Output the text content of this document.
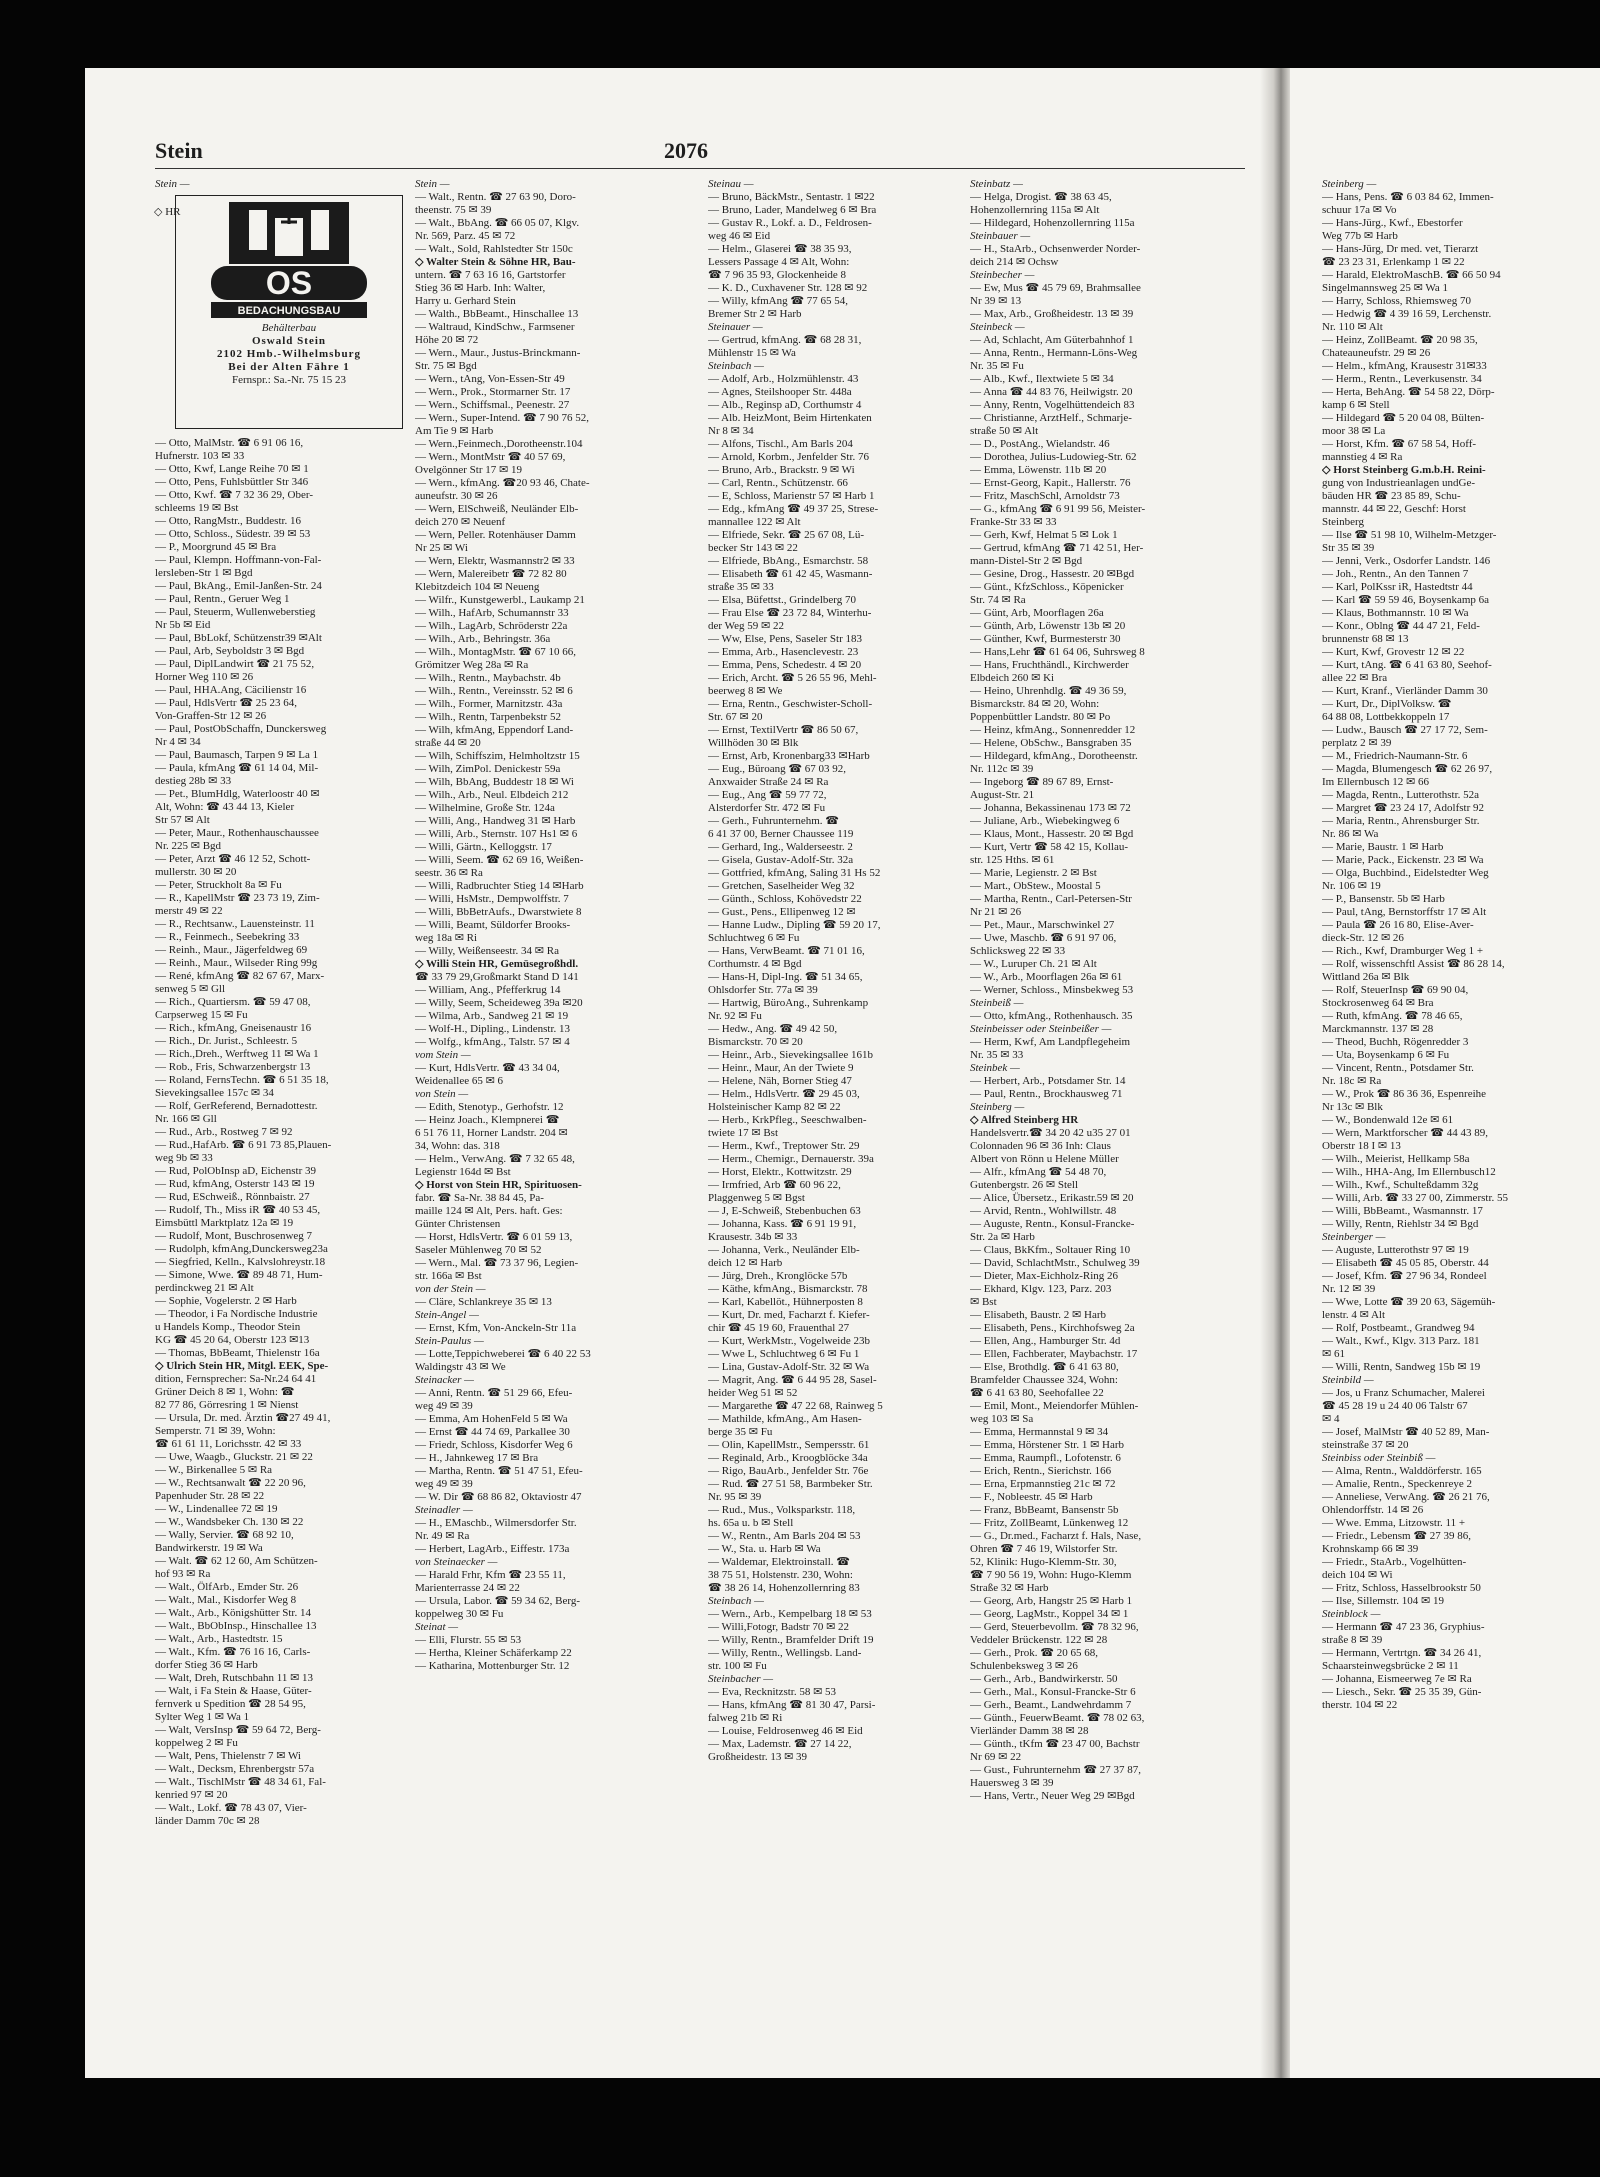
Stein	2076
Stein —
◇ HR
OS
BEDACHUNGSBAU
Behälterbau
Oswald Stein
2102 Hmb.-Wilhelmsburg
Bei der Alten Fähre 1
Fernspr.: Sa.-Nr. 75 15 23
— Otto, MalMstr. ☎ 6 91 06 16,
Hufnerstr. 103 ✉ 33
— Otto, Kwf, Lange Reihe 70 ✉ 1
— Otto, Pens, Fuhlsbüttler Str 346
— Otto, Kwf. ☎ 7 32 36 29, Ober-
schleems 19 ✉ Bst
— Otto, RangMstr., Buddestr. 16
— Otto, Schloss., Südestr. 39 ✉ 53
— P., Moorgrund 45 ✉ Bra
— Paul, Klempn. Hoffmann-von-Fal-
lersleben-Str 1 ✉ Bgd
— Paul, BkAng., Emil-Janßen-Str. 24
— Paul, Rentn., Geruer Weg 1
— Paul, Steuerm, Wullenweberstieg
Nr 5b ✉ Eid
— Paul, BbLokf, Schützenstr39 ✉Alt
— Paul, Arb, Seyboldstr 3 ✉ Bgd
— Paul, DiplLandwirt ☎ 21 75 52,
Horner Weg 110 ✉ 26
— Paul, HHA.Ang, Cäcilienstr 16
— Paul, HdlsVertr ☎ 25 23 64,
Von-Graffen-Str 12 ✉ 26
— Paul, PostObSchaffn, Dunckersweg
Nr 4 ✉ 34
— Paul, Baumasch, Tarpen 9 ✉ La 1
— Paula, kfmAng ☎ 61 14 04, Mil-
destieg 28b ✉ 33
— Pet., BlumHdlg, Waterloostr 40 ✉
Alt, Wohn: ☎ 43 44 13, Kieler
Str 57 ✉ Alt
— Peter, Maur., Rothenhauschaussee
Nr. 225 ✉ Bgd
— Peter, Arzt ☎ 46 12 52, Schott-
mullerstr. 30 ✉ 20
— Peter, Struckholt 8a ✉ Fu
— R., KapellMstr ☎ 23 73 19, Zim-
merstr 49 ✉ 22
— R., Rechtsanw., Lauensteinstr. 11
— R., Feinmech., Seebekring 33
— Reinh., Maur., Jägerfeldweg 69
— Reinh., Maur., Wilseder Ring 99g
— René, kfmAng ☎ 82 67 67, Marx-
senweg 5 ✉ Gll
— Rich., Quartiersm. ☎ 59 47 08,
Carpserweg 15 ✉ Fu
— Rich., kfmAng, Gneisenaustr 16
— Rich., Dr. Jurist., Schleestr. 5
— Rich.,Dreh., Werftweg 11 ✉ Wa 1
— Rob., Fris, Schwarzenbergstr 13
— Roland, FernsTechn. ☎ 6 51 35 18,
Sievekingsallee 157c ✉ 34
— Rolf, GerReferend, Bernadottestr.
Nr. 166 ✉ Gll
— Rud., Arb., Rostweg 7 ✉ 92
— Rud.,HafArb. ☎ 6 91 73 85,Plauen-
weg 9b ✉ 33
— Rud, PolObInsp aD, Eichenstr 39
— Rud, kfmAng, Osterstr 143 ✉ 19
— Rud, ESchweiß., Rönnbaistr. 27
— Rudolf, Th., Miss iR ☎ 40 53 45,
Eimsbüttl Marktplatz 12a ✉ 19
— Rudolf, Mont, Buschrosenweg 7
— Rudolph, kfmAng,Dunckersweg23a
— Siegfried, Kelln., Kalvslohreystr.18
— Simone, Wwe. ☎ 89 48 71, Hum-
perdinckweg 21 ✉ Alt
— Sophie, Vogelerstr. 2 ✉ Harb
— Theodor, i Fa Nordische Industrie
u Handels Komp., Theodor Stein
KG ☎ 45 20 64, Oberstr 123 ✉13
— Thomas, BbBeamt, Thielenstr 16a
◇ Ulrich Stein HR, Mitgl. EEK, Spe-
dition, Fernsprecher: Sa-Nr.24 64 41
Grüner Deich 8 ✉ 1, Wohn: ☎
82 77 86, Görresring 1 ✉ Nienst
— Ursula, Dr. med. Ärztin ☎27 49 41,
Semperstr. 71 ✉ 39, Wohn:
☎ 61 61 11, Lorichsstr. 42 ✉ 33
— Uwe, Waagb., Gluckstr. 21 ✉ 22
— W., Birkenallee 5 ✉ Ra
— W., Rechtsanwalt ☎ 22 20 96,
Papenhuder Str. 28 ✉ 22
— W., Lindenallee 72 ✉ 19
— W., Wandsbeker Ch. 130 ✉ 22
— Wally, Servier. ☎ 68 92 10,
Bandwirkerstr. 19 ✉ Wa
— Walt. ☎ 62 12 60, Am Schützen-
hof 93 ✉ Ra
— Walt., ÖlfArb., Emder Str. 26
— Walt., Mal., Kisdorfer Weg 8
— Walt., Arb., Königshütter Str. 14
— Walt., BbObInsp., Hinschallee 13
— Walt., Arb., Hastedtstr. 15
— Walt., Kfm. ☎ 76 16 16, Carls-
dorfer Stieg 36 ✉ Harb
— Walt, Dreh, Rutschbahn 11 ✉ 13
— Walt, i Fa Stein & Haase, Güter-
fernverk u Spedition ☎ 28 54 95,
Sylter Weg 1 ✉ Wa 1
— Walt, VersInsp ☎ 59 64 72, Berg-
koppelweg 2 ✉ Fu
— Walt, Pens, Thielenstr 7 ✉ Wi
— Walt., Decksm, Ehrenbergstr 57a
— Walt., TischlMstr ☎ 48 34 61, Fal-
kenried 97 ✉ 20
— Walt., Lokf. ☎ 78 43 07, Vier-
länder Damm 70c ✉ 28
Stein —
— Walt., Rentn. ☎ 27 63 90, Doro-
theenstr. 75 ✉ 39
— Walt., BbAng. ☎ 66 05 07, Klgv.
Nr. 569, Parz. 45 ✉ 72
— Walt., Sold, Rahlstedter Str 150c
◇ Walter Stein & Söhne HR, Bau-
untern. ☎ 7 63 16 16, Gartstorfer
Stieg 36 ✉ Harb. Inh: Walter,
Harry u. Gerhard Stein
— Walth., BbBeamt., Hinschallee 13
— Waltraud, KindSchw., Farmsener
Höhe 20 ✉ 72
— Wern., Maur., Justus-Brinckmann-
Str. 75 ✉ Bgd
— Wern., tAng, Von-Essen-Str 49
— Wern., Prok., Stormarner Str. 17
— Wern., Schiffsmal., Peenestr. 27
— Wern., Super-Intend. ☎ 7 90 76 52,
Am Tie 9 ✉ Harb
— Wern.,Feinmech.,Dorotheenstr.104
— Wern., MontMstr ☎ 40 57 69,
Ovelgönner Str 17 ✉ 19
— Wern., kfmAng. ☎20 93 46, Chate-
auneufstr. 30 ✉ 26
— Wern, ElSchweiß, Neuländer Elb-
deich 270 ✉ Neuenf
— Wern, Peller. Rotenhäuser Damm
Nr 25 ✉ Wi
— Wern, Elektr, Wasmannstr2 ✉ 33
— Wern, Malereibetr ☎ 72 82 80
Klebitzdeich 104 ✉ Neueng
— Wilfr., Kunstgewerbl., Laukamp 21
— Wilh., HafArb, Schumannstr 33
— Wilh., LagArb, Schröderstr 22a
— Wilh., Arb., Behringstr. 36a
— Wilh., MontagMstr. ☎ 67 10 66,
Grömitzer Weg 28a ✉ Ra
— Wilh., Rentn., Maybachstr. 4b
— Wilh., Rentn., Vereinsstr. 52 ✉ 6
— Wilh., Former, Marnitzstr. 43a
— Wilh., Rentn, Tarpenbekstr 52
— Wilh, kfmAng, Eppendorf Land-
straße 44 ✉ 20
— Wilh, Schiffszim, Helmholtzstr 15
— Wilh, ZimPol. Denickestr 59a
— Wilh, BbAng, Buddestr 18 ✉ Wi
— Wilh., Arb., Neul. Elbdeich 212
— Wilhelmine, Große Str. 124a
— Willi, Ang., Handweg 31 ✉ Harb
— Willi, Arb., Sternstr. 107 Hs1 ✉ 6
— Willi, Gärtn., Kelloggstr. 17
— Willi, Seem. ☎ 62 69 16, Weißen-
seestr. 36 ✉ Ra
— Willi, Radbruchter Stieg 14 ✉Harb
— Willi, HsMstr., Dempwolffstr. 7
— Willi, BbBetrAufs., Dwarstwiete 8
— Willi, Beamt, Süldorfer Brooks-
weg 18a ✉ Ri
— Willy, Weißenseestr. 34 ✉ Ra
◇ Willi Stein HR, Gemüsegroßhdl.
☎ 33 79 29,Großmarkt Stand D 141
— William, Ang., Pfefferkrug 14
— Willy, Seem, Scheideweg 39a ✉20
— Wilma, Arb., Sandweg 21 ✉ 19
— Wolf-H., Dipling., Lindenstr. 13
— Wolfg., kfmAng., Talstr. 57 ✉ 4
vom Stein —
— Kurt, HdlsVertr. ☎ 43 34 04,
Weidenallee 65 ✉ 6
von Stein —
— Edith, Stenotyp., Gerhofstr. 12
— Heinz Joach., Klempnerei ☎
6 51 76 11, Horner Landstr. 204 ✉
34, Wohn: das. 318
— Helm., VerwAng. ☎ 7 32 65 48,
Legienstr 164d ✉ Bst
◇ Horst von Stein HR, Spirituosen-
fabr. ☎ Sa-Nr. 38 84 45, Pa-
maille 124 ✉ Alt, Pers. haft. Ges:
Günter Christensen
— Horst, HdlsVertr. ☎ 6 01 59 13,
Saseler Mühlenweg 70 ✉ 52
— Wern., Mal. ☎ 73 37 96, Legien-
str. 166a ✉ Bst
von der Stein —
— Cläre, Schlankreye 35 ✉ 13
Stein-Angel —
— Ernst, Kfm, Von-Anckeln-Str 11a
Stein-Paulus —
— Lotte,Teppichweberei ☎ 6 40 22 53
Waldingstr 43 ✉ We
Steinacker —
— Anni, Rentn. ☎ 51 29 66, Efeu-
weg 49 ✉ 39
— Emma, Am HohenFeld 5 ✉ Wa
— Ernst ☎ 44 74 69, Parkallee 30
— Friedr, Schloss, Kisdorfer Weg 6
— H., Jahnkeweg 17 ✉ Bra
— Martha, Rentn. ☎ 51 47 51, Efeu-
weg 49 ✉ 39
— W. Dir ☎ 68 86 82, Oktaviostr 47
Steinadler —
— H., EMaschb., Wilmersdorfer Str.
Nr. 49 ✉ Ra
— Herbert, LagArb., Eiffestr. 173a
von Steinaecker —
— Harald Frhr, Kfm ☎ 23 55 11,
Marienterrasse 24 ✉ 22
— Ursula, Labor. ☎ 59 34 62, Berg-
koppelweg 30 ✉ Fu
Steinat —
— Elli, Flurstr. 55 ✉ 53
— Hertha, Kleiner Schäferkamp 22
— Katharina, Mottenburger Str. 12
Steinau —
— Bruno, BäckMstr., Sentastr. 1 ✉22
— Bruno, Lader, Mandelweg 6 ✉ Bra
— Gustav R., Lokf. a. D., Feldrosen-
weg 46 ✉ Eid
— Helm., Glaserei ☎ 38 35 93,
Lessers Passage 4 ✉ Alt, Wohn:
☎ 7 96 35 93, Glockenheide 8
— K. D., Cuxhavener Str. 128 ✉ 92
— Willy, kfmAng ☎ 77 65 54,
Bremer Str 2 ✉ Harb
Steinauer —
— Gertrud, kfmAng. ☎ 68 28 31,
Mühlenstr 15 ✉ Wa
Steinbach —
— Adolf, Arb., Holzmühlenstr. 43
— Agnes, Steilshooper Str. 448a
— Alb., Reginsp aD, Corthumstr 4
— Alb. HeizMont, Beim Hirtenkaten
Nr 8 ✉ 34
— Alfons, Tischl., Am Barls 204
— Arnold, Korbm., Jenfelder Str. 76
— Bruno, Arb., Brackstr. 9 ✉ Wi
— Carl, Rentn., Schützenstr. 66
— E, Schloss, Marienstr 57 ✉ Harb 1
— Edg., kfmAng ☎ 49 37 25, Strese-
mannallee 122 ✉ Alt
— Elfriede, Sekr. ☎ 25 67 08, Lü-
becker Str 143 ✉ 22
— Elfriede, BbAng., Esmarchstr. 58
— Elisabeth ☎ 61 42 45, Wasmann-
straße 35 ✉ 33
— Elsa, Büfettst., Grindelberg 70
— Frau Else ☎ 23 72 84, Winterhu-
der Weg 59 ✉ 22
— Ww, Else, Pens, Saseler Str 183
— Emma, Arb., Hasenclevestr. 23
— Emma, Pens, Schedestr. 4 ✉ 20
— Erich, Archt. ☎ 5 26 55 96, Mehl-
beerweg 8 ✉ We
— Erna, Rentn., Geschwister-Scholl-
Str. 67 ✉ 20
— Ernst, TextilVertr ☎ 86 50 67,
Willhöden 30 ✉ Blk
— Ernst, Arb, Kronenbarg33 ✉Harb
— Eug., Büroang ☎ 67 03 92,
Anxwaider Straße 24 ✉ Ra
— Eug., Ang ☎ 59 77 72,
Alsterdorfer Str. 472 ✉ Fu
— Gerh., Fuhrunternehm. ☎
6 41 37 00, Berner Chaussee 119
— Gerhard, Ing., Walderseestr. 2
— Gisela, Gustav-Adolf-Str. 32a
— Gottfried, kfmAng, Saling 31 Hs 52
— Gretchen, Saselheider Weg 32
— Günth., Schloss, Kohövedstr 22
— Gust., Pens., Ellipenweg 12 ✉
— Hanne Ludw., Dipling ☎ 59 20 17,
Schluchtweg 6 ✉ Fu
— Hans, VerwBeamt. ☎ 71 01 16,
Corthumstr. 4 ✉ Bgd
— Hans-H, Dipl-Ing. ☎ 51 34 65,
Ohlsdorfer Str. 77a ✉ 39
— Hartwig, BüroAng., Suhrenkamp
Nr. 92 ✉ Fu
— Hedw., Ang. ☎ 49 42 50,
Bismarckstr. 70 ✉ 20
— Heinr., Arb., Sievekingsallee 161b
— Heinr., Maur, An der Twiete 9
— Helene, Näh, Borner Stieg 47
— Helm., HdlsVertr. ☎ 29 45 03,
Holsteinischer Kamp 82 ✉ 22
— Herb., KrkPfleg., Seeschwalben-
twiete 17 ✉ Bst
— Herm., Kwf., Treptower Str. 29
— Herm., Chemigr., Dernauerstr. 39a
— Horst, Elektr., Kottwitzstr. 29
— Irmfried, Arb ☎ 60 96 22,
Plaggenweg 5 ✉ Bgst
— J, E-Schweiß, Stebenbuchen 63
— Johanna, Kass. ☎ 6 91 19 91,
Krausestr. 34b ✉ 33
— Johanna, Verk., Neuländer Elb-
deich 12 ✉ Harb
— Jürg, Dreh., Kronglöcke 57b
— Käthe, kfmAng., Bismarckstr. 78
— Karl, Kabellöt., Hühnerposten 8
— Kurt, Dr. med, Facharzt f. Kiefer-
chir ☎ 45 19 60, Frauenthal 27
— Kurt, WerkMstr., Vogelweide 23b
— Wwe L, Schluchtweg 6 ✉ Fu 1
— Lina, Gustav-Adolf-Str. 32 ✉ Wa
— Magrit, Ang. ☎ 6 44 95 28, Sasel-
heider Weg 51 ✉ 52
— Margarethe ☎ 47 22 68, Rainweg 5
— Mathilde, kfmAng., Am Hasen-
berge 35 ✉ Fu
— Olin, KapellMstr., Sempersstr. 61
— Reginald, Arb., Kroogblöcke 34a
— Rigo, BauArb., Jenfelder Str. 76e
— Rud. ☎ 27 51 58, Barmbeker Str.
Nr. 95 ✉ 39
— Rud., Mus., Volksparkstr. 118,
hs. 65a u. b ✉ Stell
— W., Rentn., Am Barls 204 ✉ 53
— W., Sta. u. Harb ✉ Wa
— Waldemar, Elektroinstall. ☎
38 75 51, Holstenstr. 230, Wohn:
☎ 38 26 14, Hohenzollernring 83
Steinbach —
— Wern., Arb., Kempelbarg 18 ✉ 53
— Willi,Fotogr, Badstr 70 ✉ 22
— Willy, Rentn., Bramfelder Drift 19
— Willy, Rentn., Wellingsb. Land-
str. 100 ✉ Fu
Steinbacher —
— Eva, Recknitzstr. 58 ✉ 53
— Hans, kfmAng ☎ 81 30 47, Parsi-
falweg 21b ✉ Ri
— Louise, Feldrosenweg 46 ✉ Eid
— Max, Lademstr. ☎ 27 14 22,
Großheidestr. 13 ✉ 39
Steinbatz —
— Helga, Drogist. ☎ 38 63 45,
Hohenzollernring 115a ✉ Alt
— Hildegard, Hohenzollernring 115a
Steinbauer —
— H., StaArb., Ochsenwerder Norder-
deich 214 ✉ Ochsw
Steinbecher —
— Ew, Mus ☎ 45 79 69, Brahmsallee
Nr 39 ✉ 13
— Max, Arb., Großheidestr. 13 ✉ 39
Steinbeck —
— Ad, Schlacht, Am Güterbahnhof 1
— Anna, Rentn., Hermann-Löns-Weg
Nr. 35 ✉ Fu
— Alb., Kwf., Ilextwiete 5 ✉ 34
— Anna ☎ 44 83 76, Heilwigstr. 20
— Anny, Rentn, Vogelhüttendeich 83
— Christianne, ArztHelf., Schmarje-
straße 50 ✉ Alt
— D., PostAng., Wielandstr. 46
— Dorothea, Julius-Ludowieg-Str. 62
— Emma, Löwenstr. 11b ✉ 20
— Ernst-Georg, Kapit., Hallerstr. 76
— Fritz, MaschSchl, Arnoldstr 73
— G., kfmAng ☎ 6 91 99 56, Meister-
Franke-Str 33 ✉ 33
— Gerh, Kwf, Helmat 5 ✉ Lok 1
— Gertrud, kfmAng ☎ 71 42 51, Her-
mann-Distel-Str 2 ✉ Bgd
— Gesine, Drog., Hassestr. 20 ✉Bgd
— Günt., KfzSchloss., Köpenicker
Str. 74 ✉ Ra
— Günt, Arb, Moorflagen 26a
— Günth, Arb, Löwenstr 13b ✉ 20
— Günther, Kwf, Burmesterstr 30
— Hans,Lehr ☎ 61 64 06, Suhrsweg 8
— Hans, Fruchthändl., Kirchwerder
Elbdeich 260 ✉ Ki
— Heino, Uhrenhdlg. ☎ 49 36 59,
Bismarckstr. 84 ✉ 20, Wohn:
Poppenbüttler Landstr. 80 ✉ Po
— Heinz, kfmAng., Sonnenredder 12
— Helene, ObSchw., Bansgraben 35
— Hildegard, kfmAng., Dorotheenstr.
Nr. 112c ✉ 39
— Ingeborg ☎ 89 67 89, Ernst-
August-Str. 21
— Johanna, Bekassinenau 173 ✉ 72
— Juliane, Arb., Wiebekingweg 6
— Klaus, Mont., Hassestr. 20 ✉ Bgd
— Kurt, Vertr ☎ 58 42 15, Kollau-
str. 125 Hths. ✉ 61
— Marie, Legienstr. 2 ✉ Bst
— Mart., ObStew., Moostal 5
— Martha, Rentn., Carl-Petersen-Str
Nr 21 ✉ 26
— Pet., Maur., Marschwinkel 27
— Uwe, Maschb. ☎ 6 91 97 06,
Schlicksweg 22 ✉ 33
— W., Luruper Ch. 21 ✉ Alt
— W., Arb., Moorflagen 26a ✉ 61
— Werner, Schloss., Minsbekweg 53
Steinbeiß —
— Otto, kfmAng., Rothenhausch. 35
Steinbeisser oder Steinbeißer —
— Herm, Kwf, Am Landpflegeheim
Nr. 35 ✉ 33
Steinbek —
— Herbert, Arb., Potsdamer Str. 14
— Paul, Rentn., Brockhausweg 71
Steinberg —
◇ Alfred Steinberg HR
Handelsvertr.☎ 34 20 42 u35 27 01
Colonnaden 96 ✉ 36 Inh: Claus
Albert von Rönn u Helene Müller
— Alfr., kfmAng ☎ 54 48 70,
Gutenbergstr. 26 ✉ Stell
— Alice, Übersetz., Erikastr.59 ✉ 20
— Arvid, Rentn., Wohlwillstr. 48
— Auguste, Rentn., Konsul-Francke-
Str. 2a ✉ Harb
— Claus, BkKfm., Soltauer Ring 10
— David, SchlachtMstr., Schulweg 39
— Dieter, Max-Eichholz-Ring 26
— Ekhard, Klgv. 123, Parz. 203
✉ Bst
— Elisabeth, Baustr. 2 ✉ Harb
— Elisabeth, Pens., Kirchhofsweg 2a
— Ellen, Ang., Hamburger Str. 4d
— Ellen, Fachberater, Maybachstr. 17
— Else, Brothdlg. ☎ 6 41 63 80,
Bramfelder Chaussee 324, Wohn:
☎ 6 41 63 80, Seehofallee 22
— Emil, Mont., Meiendorfer Mühlen-
weg 103 ✉ Sa
— Emma, Hermannstal 9 ✉ 34
— Emma, Hörstener Str. 1 ✉ Harb
— Emma, Raumpfl., Lofotenstr. 6
— Erich, Rentn., Sierichstr. 166
— Erna, Erpmannstieg 21c ✉ 72
— F., Nobleestr. 45 ✉ Harb
— Franz, BbBeamt, Bansenstr 5b
— Fritz, ZollBeamt, Lünkenweg 12
— G., Dr.med., Facharzt f. Hals, Nase,
Ohren ☎ 7 46 19, Wilstorfer Str.
52, Klinik: Hugo-Klemm-Str. 30,
☎ 7 90 56 19, Wohn: Hugo-Klemm
Straße 32 ✉ Harb
— Georg, Arb, Hangstr 25 ✉ Harb 1
— Georg, LagMstr., Koppel 34 ✉ 1
— Gerd, Steuerbevollm. ☎ 78 32 96,
Veddeler Brückenstr. 122 ✉ 28
— Gerh., Prok. ☎ 20 65 68,
Schulenbeksweg 3 ✉ 26
— Gerh., Arb., Bandwirkerstr. 50
— Gerh., Mal., Konsul-Francke-Str 6
— Gerh., Beamt., Landwehrdamm 7
— Günth., FeuerwBeamt. ☎ 78 02 63,
Vierländer Damm 38 ✉ 28
— Günth., tKfm ☎ 23 47 00, Bachstr
Nr 69 ✉ 22
— Gust., Fuhrunternehm ☎ 27 37 87,
Hauersweg 3 ✉ 39
— Hans, Vertr., Neuer Weg 29 ✉Bgd
Steinberg —
— Hans, Pens. ☎ 6 03 84 62, Immen-
schuur 17a ✉ Vo
— Hans-Jürg., Kwf., Ebestorfer
Weg 77b ✉ Harb
— Hans-Jürg, Dr med. vet, Tierarzt
☎ 23 23 31, Erlenkamp 1 ✉ 22
— Harald, ElektroMaschB. ☎ 66 50 94
Singelmannsweg 25 ✉ Wa 1
— Harry, Schloss, Rhiemsweg 70
— Hedwig ☎ 4 39 16 59, Lerchenstr.
Nr. 110 ✉ Alt
— Heinz, ZollBeamt. ☎ 20 98 35,
Chateauneufstr. 29 ✉ 26
— Helm., kfmAng, Krausestr 31✉33
— Herm., Rentn., Leverkusenstr. 34
— Herta, BehAng. ☎ 54 58 22, Dörp-
kamp 6 ✉ Stell
— Hildegard ☎ 5 20 04 08, Bülten-
moor 38 ✉ La
— Horst, Kfm. ☎ 67 58 54, Hoff-
mannstieg 4 ✉ Ra
◇ Horst Steinberg G.m.b.H. Reini-
gung von Industrieanlagen undGe-
bäuden HR ☎ 23 85 89, Schu-
mannstr. 44 ✉ 22, Geschf: Horst
Steinberg
— Ilse ☎ 51 98 10, Wilhelm-Metzger-
Str 35 ✉ 39
— Jenni, Verk., Osdorfer Landstr. 146
— Joh., Rentn., An den Tannen 7
— Karl, PolKssr iR, Hastedtstr 44
— Karl ☎ 59 59 46, Boysenkamp 6a
— Klaus, Bothmannstr. 10 ✉ Wa
— Konr., Oblng ☎ 44 47 21, Feld-
brunnenstr 68 ✉ 13
— Kurt, Kwf, Grovestr 12 ✉ 22
— Kurt, tAng. ☎ 6 41 63 80, Seehof-
allee 22 ✉ Bra
— Kurt, Kranf., Vierländer Damm 30
— Kurt, Dr., DiplVolksw. ☎
64 88 08, Lottbekkoppeln 17
— Ludw., Bausch ☎ 27 17 72, Sem-
perplatz 2 ✉ 39
— M., Friedrich-Naumann-Str. 6
— Magda, Blumengesch ☎ 62 26 97,
Im Ellernbusch 12 ✉ 66
— Magda, Rentn., Lutterothstr. 52a
— Margret ☎ 23 24 17, Adolfstr 92
— Maria, Rentn., Ahrensburger Str.
Nr. 86 ✉ Wa
— Marie, Baustr. 1 ✉ Harb
— Marie, Pack., Eickenstr. 23 ✉ Wa
— Olga, Buchbind., Eidelstedter Weg
Nr. 106 ✉ 19
— P., Bansenstr. 5b ✉ Harb
— Paul, tAng, Bernstorffstr 17 ✉ Alt
— Paula ☎ 26 16 80, Elise-Aver-
dieck-Str. 12 ✉ 26
— Rich., Kwf, Dramburger Weg 1 +
— Rolf, wissenschftl Assist ☎ 86 28 14,
Wittland 26a ✉ Blk
— Rolf, SteuerInsp ☎ 69 90 04,
Stockrosenweg 64 ✉ Bra
— Ruth, kfmAng. ☎ 78 46 65,
Marckmannstr. 137 ✉ 28
— Theod, Buchh, Rögenredder 3
— Uta, Boysenkamp 6 ✉ Fu
— Vincent, Rentn., Potsdamer Str.
Nr. 18c ✉ Ra
— W., Prok ☎ 86 36 36, Espenreihe
Nr 13c ✉ Blk
— W., Bondenwald 12e ✉ 61
— Wern, Marktforscher ☎ 44 43 89,
Oberstr 18 I ✉ 13
— Wilh., Meierist, Hellkamp 58a
— Wilh., HHA-Ang, Im Ellernbusch12
— Wilh., Kwf., Schulteßdamm 32g
— Willi, Arb. ☎ 33 27 00, Zimmerstr. 55
— Willi, BbBeamt., Wasmannstr. 17
— Willy, Rentn, Riehlstr 34 ✉ Bgd
Steinberger —
— Auguste, Lutterothstr 97 ✉ 19
— Elisabeth ☎ 45 05 85, Oberstr. 44
— Josef, Kfm. ☎ 27 96 34, Rondeel
Nr. 12 ✉ 39
— Wwe, Lotte ☎ 39 20 63, Sägemüh-
lenstr. 4 ✉ Alt
— Rolf, Postbeamt., Grandweg 94
— Walt., Kwf., Klgv. 313 Parz. 181
✉ 61
— Willi, Rentn, Sandweg 15b ✉ 19
Steinbild —
— Jos, u Franz Schumacher, Malerei
☎ 45 28 19 u 24 40 06 Talstr 67
✉ 4
— Josef, MalMstr ☎ 40 52 89, Man-
steinstraße 37 ✉ 20
Steinbiss oder Steinbiß —
— Alma, Rentn., Walddörferstr. 165
— Amalie, Rentn., Speckenreye 2
— Anneliese, VerwAng. ☎ 26 21 76,
Ohlendorffstr. 14 ✉ 26
— Wwe. Emma, Litzowstr. 11 +
— Friedr., Lebensm ☎ 27 39 86,
Krohnskamp 66 ✉ 39
— Friedr., StaArb., Vogelhütten-
deich 104 ✉ Wi
— Fritz, Schloss, Hasselbrookstr 50
— Ilse, Sillemstr. 104 ✉ 19
Steinblock —
— Hermann ☎ 47 23 36, Gryphius-
straße 8 ✉ 39
— Hermann, Vertrtgn. ☎ 34 26 41,
Schaarsteinwegsbrücke 2 ✉ 11
— Johanna, Eismeerweg 7e ✉ Ra
— Liesch., Sekr. ☎ 25 35 39, Gün-
therstr. 104 ✉ 22
